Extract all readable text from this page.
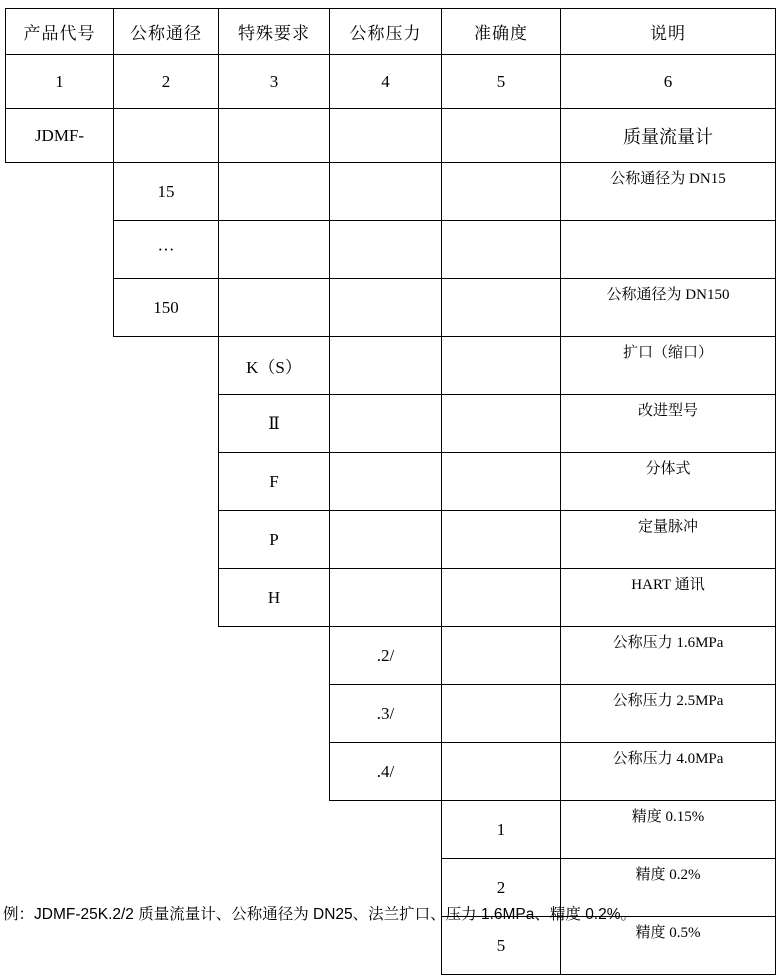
产品代号	公称通径	特殊要求	公称压力	准确度	说明
1	2	3	4	5	6
JDMF-					质量流量计
	15				公称通径为 DN15
	···				
	150				公称通径为 DN150
		K（S）			扩口（缩口）
		Ⅱ			改进型号
		F			分体式
		P			定量脉冲
		H			HART 通讯
			.2/		公称压力 1.6MPa
			.3/		公称压力 2.5MPa
			.4/		公称压力 4.0MPa
				1	精度 0.15%
				2	精度 0.2%
				5	精度 0.5%
例：JDMF-25K.2/2 质量流量计、公称通径为 DN25、法兰扩口、压力 1.6MPa、精度 0.2%。
